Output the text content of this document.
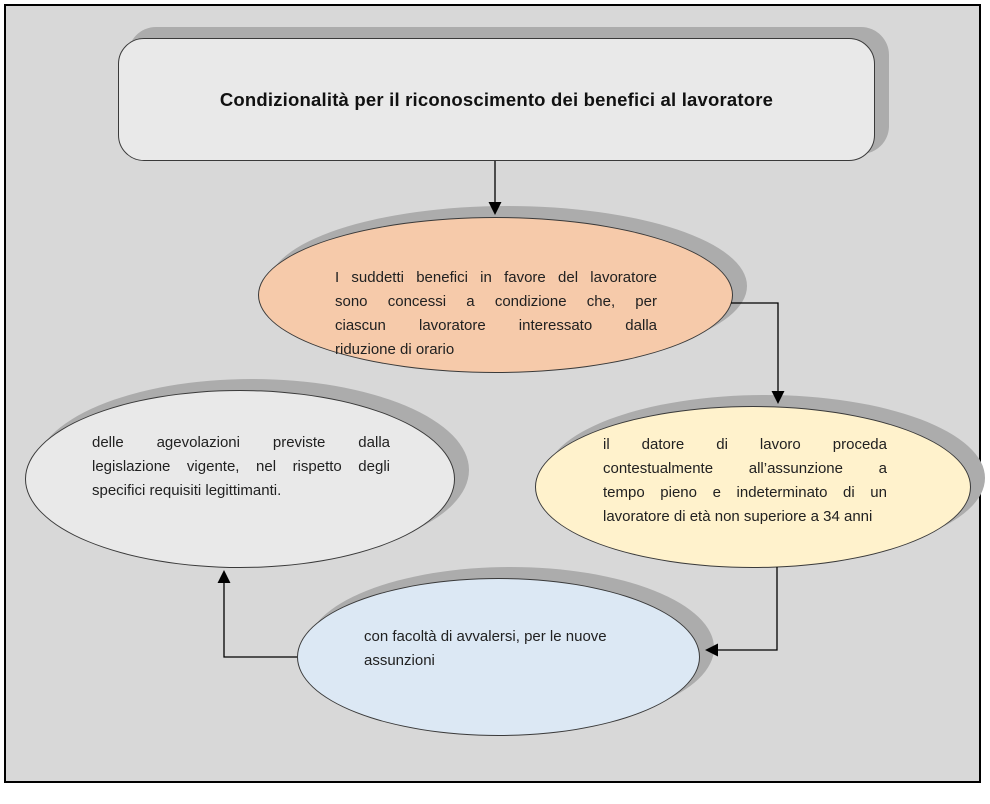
Condizionalità per il riconoscimento dei benefici al lavoratore
I suddetti benefici in favore del lavoratore
sono concessi a condizione che, per
ciascun lavoratore interessato dalla
riduzione di orario
il datore di lavoro proceda
contestualmente all’assunzione a
tempo pieno e indeterminato di un
lavoratore di età non superiore a 34 anni
con facoltà di avvalersi, per le nuove
assunzioni
delle agevolazioni previste dalla
legislazione vigente, nel rispetto degli
specifici requisiti legittimanti.
